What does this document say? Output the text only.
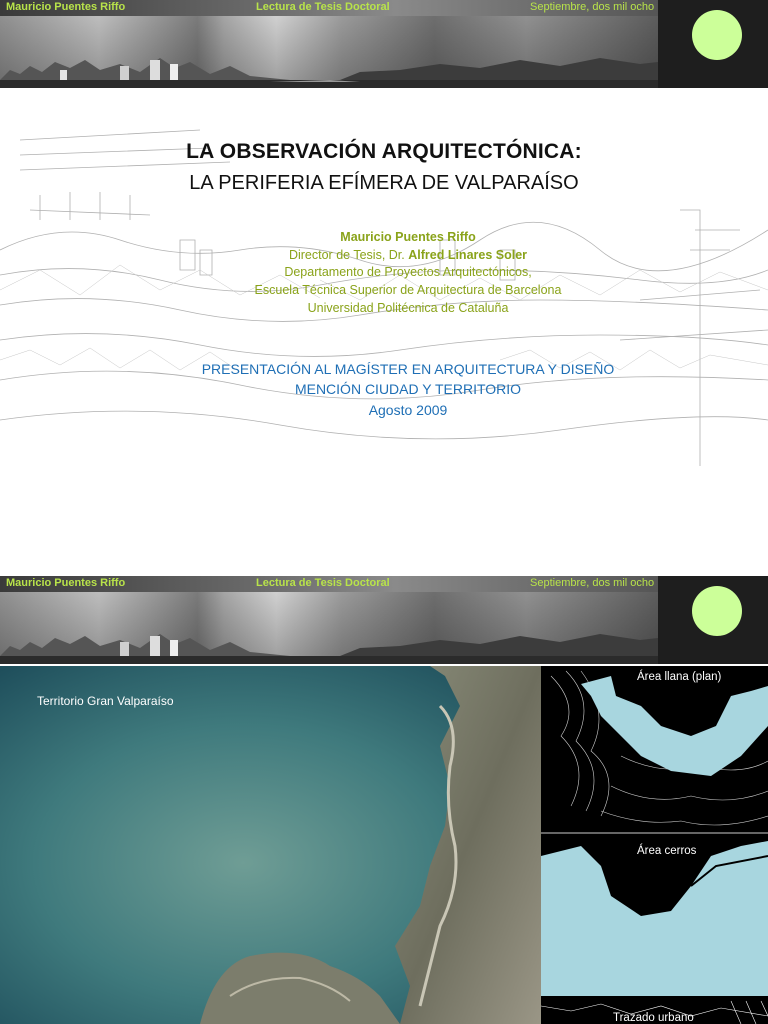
Mauricio Puentes Riffo	Lectura de Tesis Doctoral	Septiembre, dos mil ocho
LA OBSERVACIÓN ARQUITECTÓNICA:
LA PERIFERIA EFÍMERA DE VALPARAÍSO
Mauricio Puentes Riffo
Director de Tesis, Dr. Alfred Linares Soler
Departamento de Proyectos Arquitectónicos,
Escuela Técnica Superior de Arquitectura de Barcelona
Universidad Politécnica de Cataluña
PRESENTACIÓN AL MAGÍSTER EN ARQUITECTURA Y DISEÑO
MENCIÓN CIUDAD Y TERRITORIO
Agosto 2009
Mauricio Puentes Riffo	Lectura de Tesis Doctoral	Septiembre, dos mil ocho
Territorio Gran Valparaíso
Área llana (plan)
Área cerros
Trazado urbano
